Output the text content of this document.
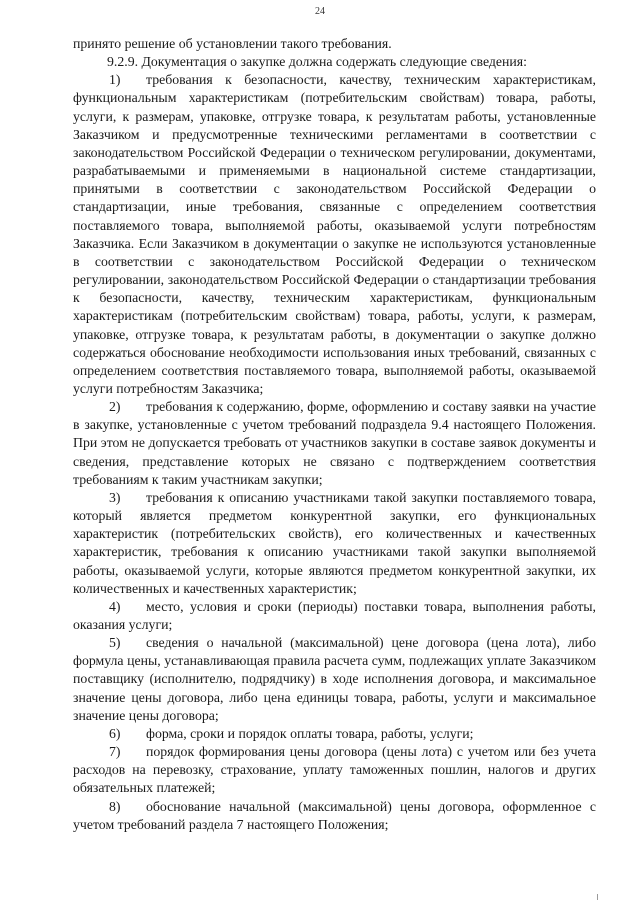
24

принято решение об установлении такого требования.

9.2.9. Документация о закупке должна содержать следующие сведения:

1) требования к безопасности, качеству, техническим характеристикам, функциональным характеристикам (потребительским свойствам) товара, работы, услуги, к размерам, упаковке, отгрузке товара, к результатам работы, установленные Заказчиком и предусмотренные техническими регламентами в соответствии с законодательством Российской Федерации о техническом регулировании, документами, разрабатываемыми и применяемыми в национальной системе стандартизации, принятыми в соответствии с законодательством Российской Федерации о стандартизации, иные требования, связанные с определением соответствия поставляемого товара, выполняемой работы, оказываемой услуги потребностям Заказчика. Если Заказчиком в документации о закупке не используются установленные в соответствии с законодательством Российской Федерации о техническом регулировании, законодательством Российской Федерации о стандартизации требования к безопасности, качеству, техническим характеристикам, функциональным характеристикам (потребительским свойствам) товара, работы, услуги, к размерам, упаковке, отгрузке товара, к результатам работы, в документации о закупке должно содержаться обоснование необходимости использования иных требований, связанных с определением соответствия поставляемого товара, выполняемой работы, оказываемой услуги потребностям Заказчика;

2) требования к содержанию, форме, оформлению и составу заявки на участие в закупке, установленные с учетом требований подраздела 9.4 настоящего Положения. При этом не допускается требовать от участников закупки в составе заявок документы и сведения, представление которых не связано с подтверждением соответствия требованиям к таким участникам закупки;

3) требования к описанию участниками такой закупки поставляемого товара, который является предметом конкурентной закупки, его функциональных характеристик (потребительских свойств), его количественных и качественных характеристик, требования к описанию участниками такой закупки выполняемой работы, оказываемой услуги, которые являются предметом конкурентной закупки, их количественных и качественных характеристик;

4) место, условия и сроки (периоды) поставки товара, выполнения работы, оказания услуги;

5) сведения о начальной (максимальной) цене договора (цена лота), либо формула цены, устанавливающая правила расчета сумм, подлежащих уплате Заказчиком поставщику (исполнителю, подрядчику) в ходе исполнения договора, и максимальное значение цены договора, либо цена единицы товара, работы, услуги и максимальное значение цены договора;

6) форма, сроки и порядок оплаты товара, работы, услуги;

7) порядок формирования цены договора (цены лота) с учетом или без учета расходов на перевозку, страхование, уплату таможенных пошлин, налогов и других обязательных платежей;

8) обоснование начальной (максимальной) цены договора, оформленное с учетом требований раздела 7 настоящего Положения;
